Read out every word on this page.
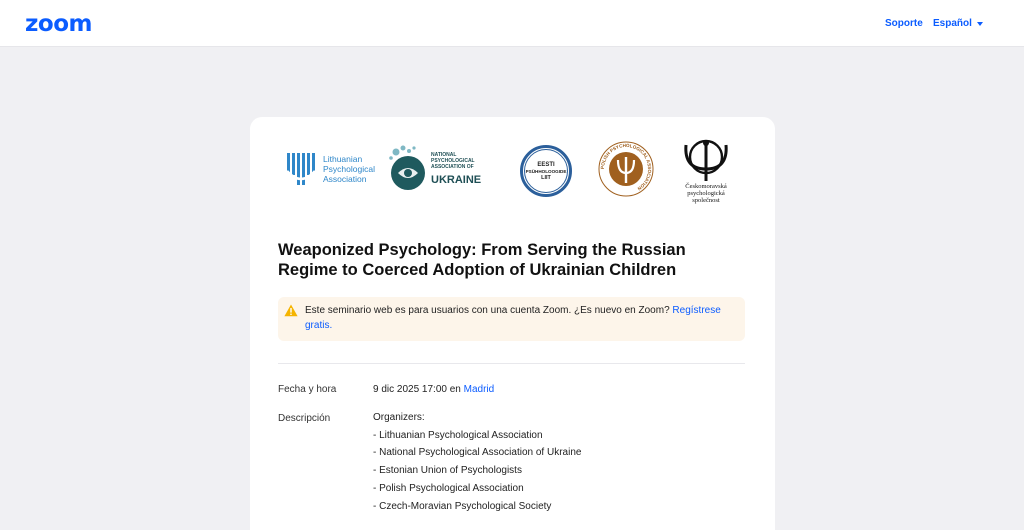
zoom	Soporte Español
Lithuanian
Psychological
Association
NATIONAL
PSYCHOLOGICAL
ASSOCIATION OF
UKRAINE
EESTI
PSÜHHOLOOGIDE
LIIT
POLISH PSYCHOLOGICAL ASSOCIATION	Českomoravská
psychologická
společnost
Weaponized Psychology: From Serving the Russian Regime to Coerced Adoption of Ukrainian Children
Este seminario web es para usuarios con una cuenta Zoom. ¿Es nuevo en Zoom? Regístrese gratis.
Fecha y hora	9 dic 2025 17:00 en Madrid
Descripción	Organizers:
- Lithuanian Psychological Association
- National Psychological Association of Ukraine
- Estonian Union of Psychologists
- Polish Psychological Association
- Czech-Moravian Psychological Society
